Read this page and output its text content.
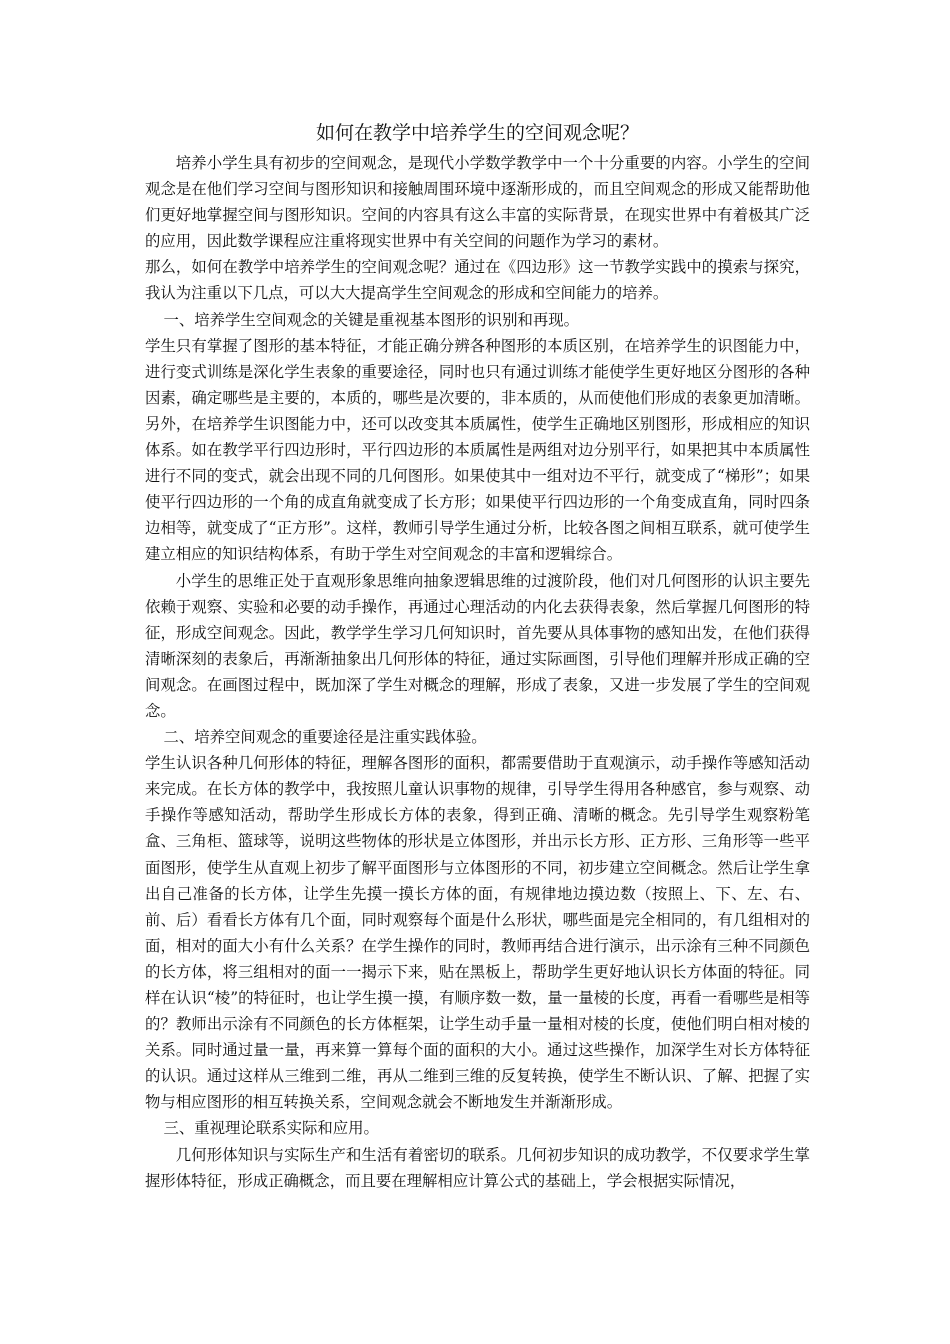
如何在教学中培养学生的空间观念呢？

培养小学生具有初步的空间观念，是现代小学数学教学中一个十分重要的内容。小学生的空间观念是在他们学习空间与图形知识和接触周围环境中逐渐形成的，而且空间观念的形成又能帮助他们更好地掌握空间与图形知识。空间的内容具有这么丰富的实际背景，在现实世界中有着极其广泛的应用，因此数学课程应注重将现实世界中有关空间的问题作为学习的素材。

那么，如何在教学中培养学生的空间观念呢？通过在《四边形》这一节教学实践中的摸索与探究，我认为注重以下几点，可以大大提高学生空间观念的形成和空间能力的培养。

一、培养学生空间观念的关键是重视基本图形的识别和再现。

学生只有掌握了图形的基本特征，才能正确分辨各种图形的本质区别，在培养学生的识图能力中，进行变式训练是深化学生表象的重要途径，同时也只有通过训练才能使学生更好地区分图形的各种因素，确定哪些是主要的，本质的，哪些是次要的，非本质的，从而使他们形成的表象更加清晰。另外，在培养学生识图能力中，还可以改变其本质属性，使学生正确地区别图形，形成相应的知识体系。如在教学平行四边形时，平行四边形的本质属性是两组对边分别平行，如果把其中本质属性进行不同的变式，就会出现不同的几何图形。如果使其中一组对边不平行，就变成了“梯形”；如果使平行四边形的一个角的成直角就变成了长方形；如果使平行四边形的一个角变成直角，同时四条边相等，就变成了“正方形”。这样，教师引导学生通过分析，比较各图之间相互联系，就可使学生建立相应的知识结构体系，有助于学生对空间观念的丰富和逻辑综合。

小学生的思维正处于直观形象思维向抽象逻辑思维的过渡阶段，他们对几何图形的认识主要先依赖于观察、实验和必要的动手操作，再通过心理活动的内化去获得表象，然后掌握几何图形的特征，形成空间观念。因此，教学学生学习几何知识时，首先要从具体事物的感知出发，在他们获得清晰深刻的表象后，再渐渐抽象出几何形体的特征，通过实际画图，引导他们理解并形成正确的空间观念。在画图过程中，既加深了学生对概念的理解，形成了表象，又进一步发展了学生的空间观念。

二、培养空间观念的重要途径是注重实践体验。

学生认识各种几何形体的特征，理解各图形的面积，都需要借助于直观演示，动手操作等感知活动来完成。在长方体的教学中，我按照儿童认识事物的规律，引导学生得用各种感官，参与观察、动手操作等感知活动，帮助学生形成长方体的表象，得到正确、清晰的概念。先引导学生观察粉笔盒、三角柜、篮球等，说明这些物体的形状是立体图形，并出示长方形、正方形、三角形等一些平面图形，使学生从直观上初步了解平面图形与立体图形的不同，初步建立空间概念。然后让学生拿出自己准备的长方体，让学生先摸一摸长方体的面，有规律地边摸边数（按照上、下、左、右、前、后）看看长方体有几个面，同时观察每个面是什么形状，哪些面是完全相同的，有几组相对的面，相对的面大小有什么关系？在学生操作的同时，教师再结合进行演示，出示涂有三种不同颜色的长方体，将三组相对的面一一揭示下来，贴在黑板上，帮助学生更好地认识长方体面的特征。同样在认识“棱”的特征时，也让学生摸一摸，有顺序数一数，量一量棱的长度，再看一看哪些是相等的？教师出示涂有不同颜色的长方体框架，让学生动手量一量相对棱的长度，使他们明白相对棱的关系。同时通过量一量，再来算一算每个面的面积的大小。通过这些操作，加深学生对长方体特征的认识。通过这样从三维到二维，再从二维到三维的反复转换，使学生不断认识、了解、把握了实物与相应图形的相互转换关系，空间观念就会不断地发生并渐渐形成。

三、重视理论联系实际和应用。

几何形体知识与实际生产和生活有着密切的联系。几何初步知识的成功教学，不仅要求学生掌握形体特征，形成正确概念，而且要在理解相应计算公式的基础上，学会根据实际情况，
